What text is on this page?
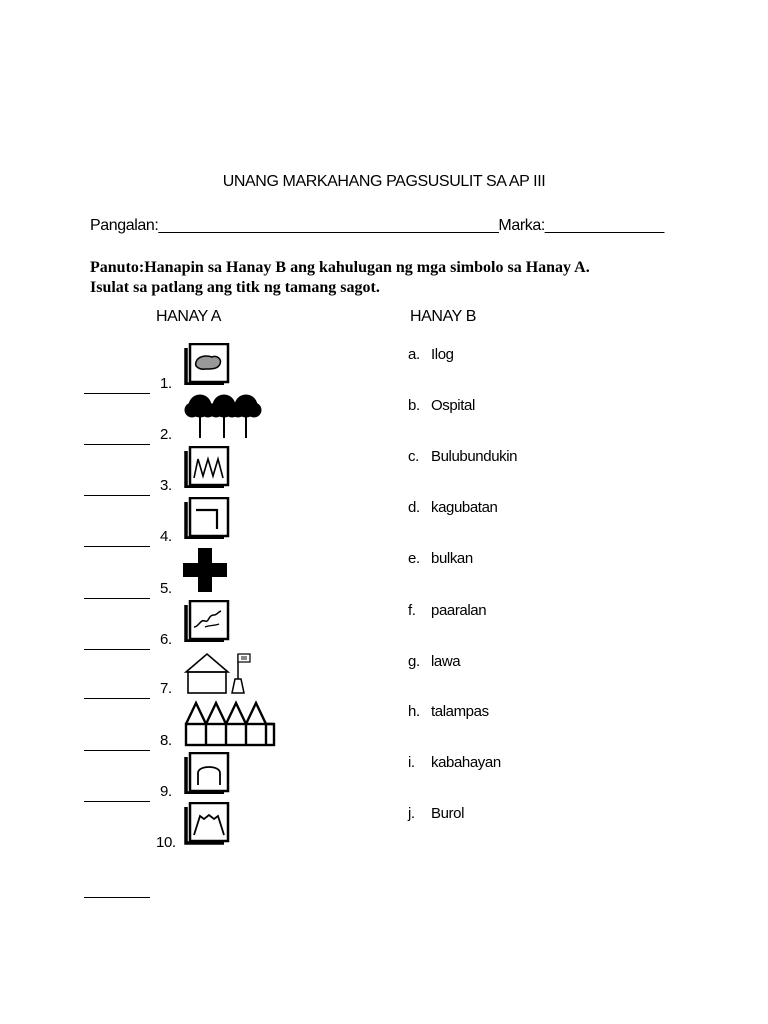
UNANG MARKAHANG PAGSUSULIT SA AP III
Pangalan:________________________________________Marka:______________
Panuto:Hanapin sa Hanay B ang kahulugan ng mga simbolo sa Hanay A.
Isulat sa patlang ang titk ng tamang sagot.
HANAY A	HANAY B
1.
2.
3.
4.
5.
6.
7.
8.
9.
10.
a. Ilog
b. Ospital
c. Bulubundukin
d. kagubatan
e. bulkan
f. paaralan
g. lawa
h. talampas
i. kabahayan
j. Burol
